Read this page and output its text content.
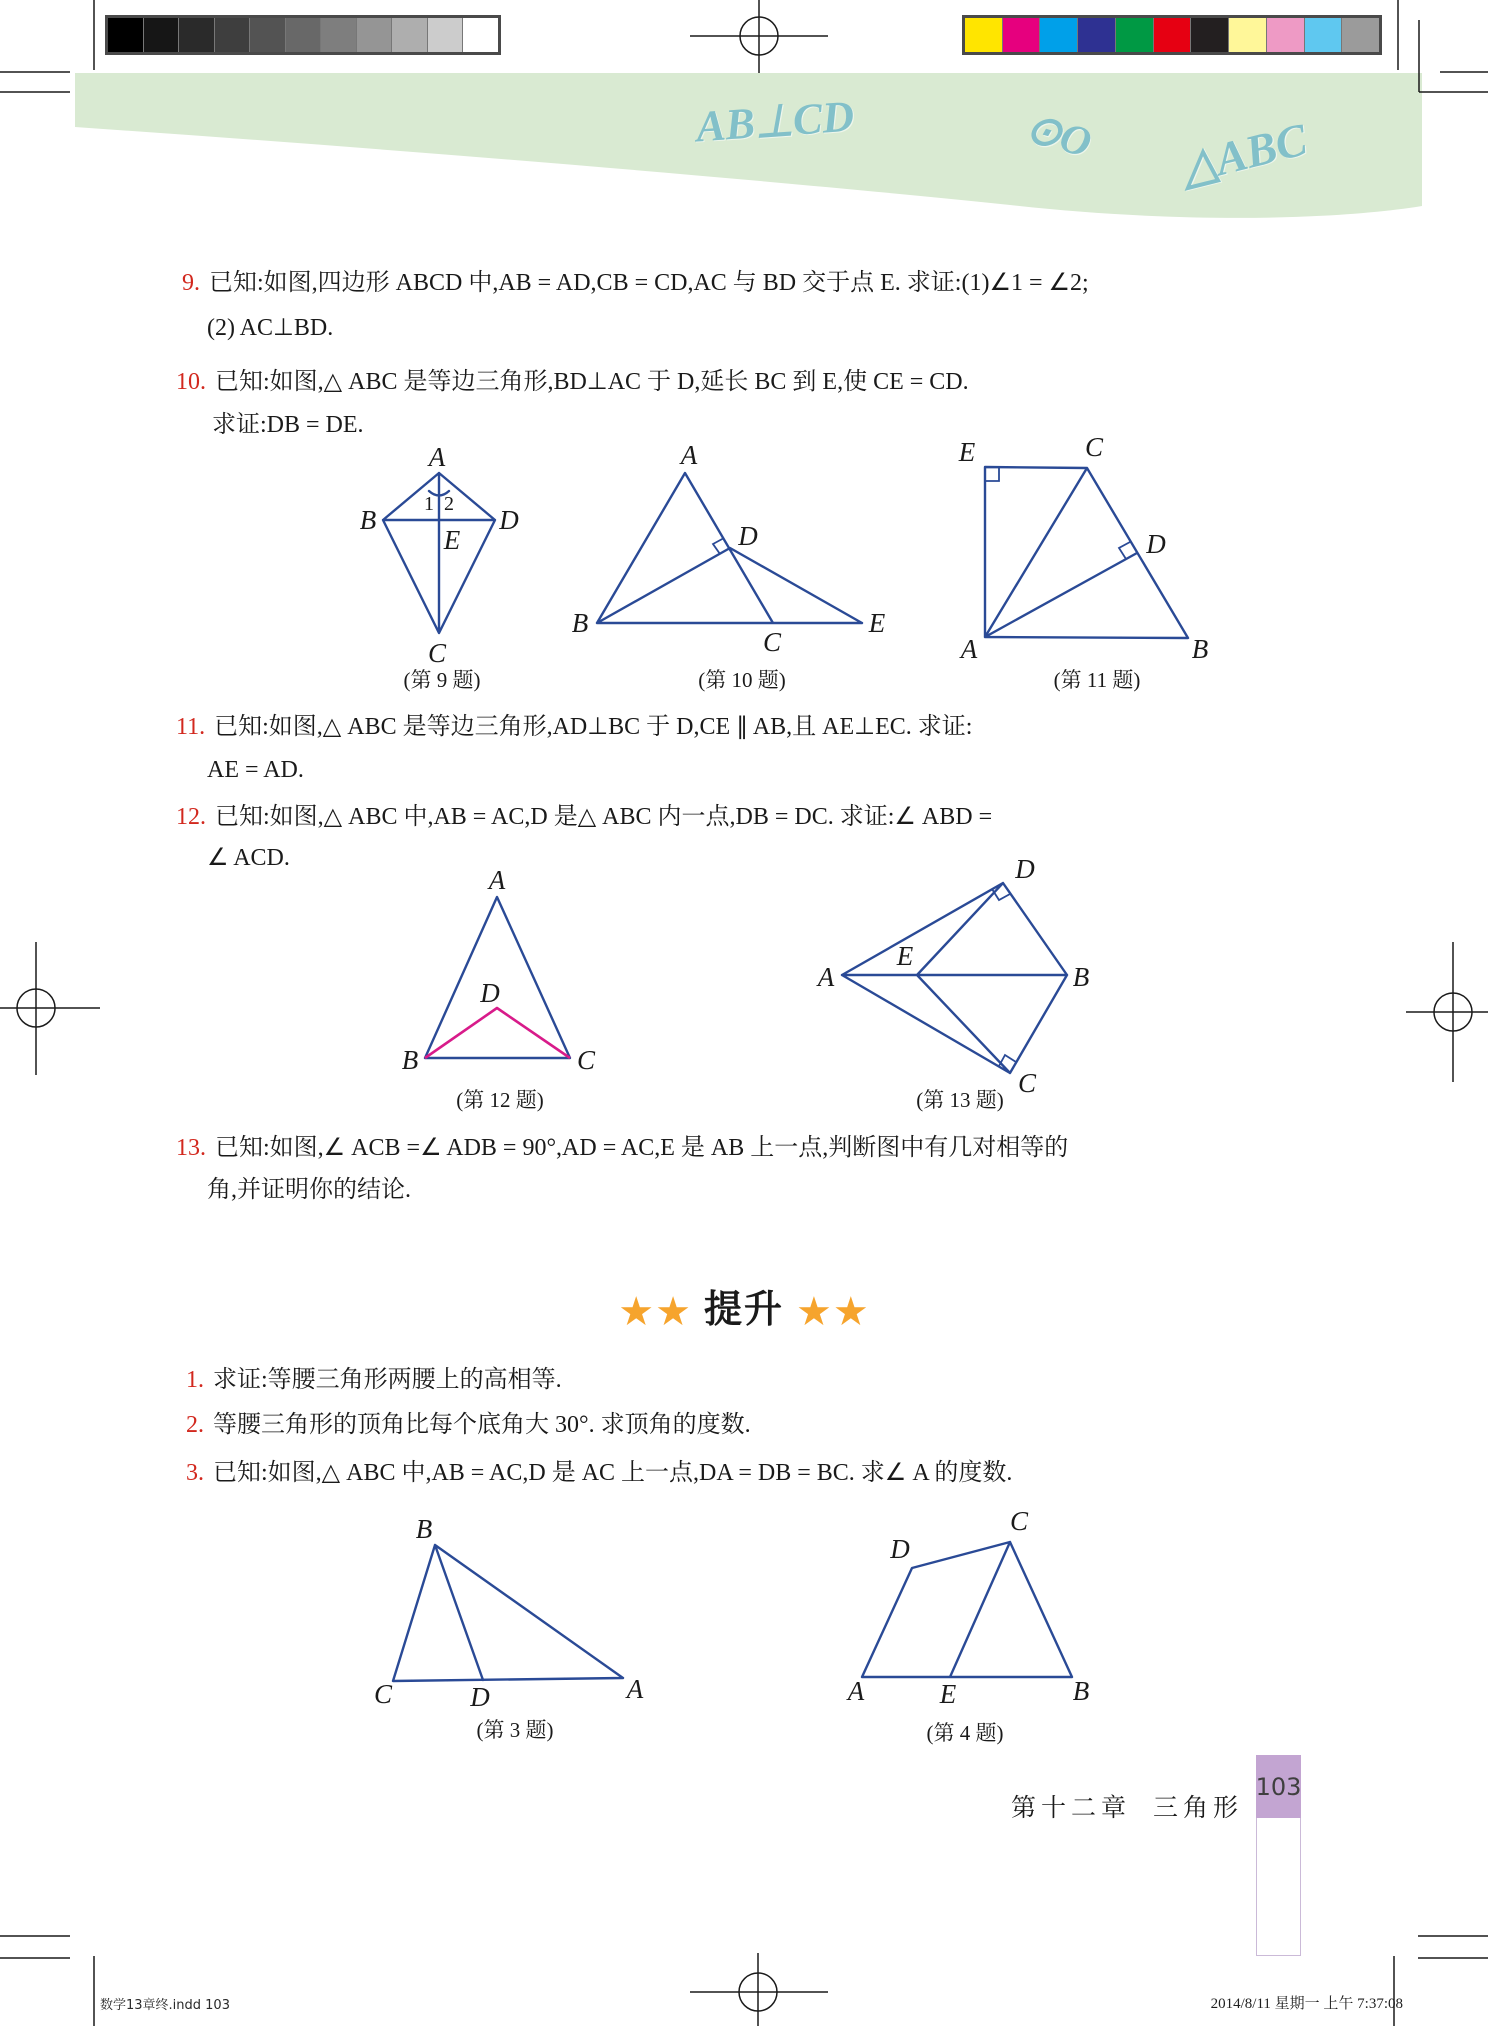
A
1 2
B	D
E
C
(第 9 题)
A
B
D
C
E
(第 10 题)
E	C
D
A	B
(第 11 题)
A
D
B	C
(第 12 题)
D
E
A	B
C
(第 13 题)
B
C	D	A
(第 3 题)
D
C
A	E	B
(第 4 题)
AB⊥CD	⊙O △ABC
9. 已知:如图,四边形 ABCD 中,AB = AD,CB = CD,AC 与 BD 交于点 E. 求证:(1)∠1 = ∠2;
(2) AC⊥BD.
10. 已知:如图,△ ABC 是等边三角形,BD⊥AC 于 D,延长 BC 到 E,使 CE = CD.
求证:DB = DE.
11. 已知:如图,△ ABC 是等边三角形,AD⊥BC 于 D,CE ∥ AB,且 AE⊥EC. 求证:
AE = AD.
12. 已知:如图,△ ABC 中,AB = AC,D 是△ ABC 内一点,DB = DC. 求证:∠ ABD =
∠ ACD.
13. 已知:如图,∠ ACB =∠ ADB = 90°,AD = AC,E 是 AB 上一点,判断图中有几对相等的
角,并证明你的结论.
★★ 提升 ★★
1. 求证:等腰三角形两腰上的高相等.
2. 等腰三角形的顶角比每个底角大 30°. 求顶角的度数.
3. 已知:如图,△ ABC 中,AB = AC,D 是 AC 上一点,DA = DB = BC. 求∠ A 的度数.
第十二章 三角形
103
数学13章终.indd 103	2014/8/11 星期一 上午 7:37:08
